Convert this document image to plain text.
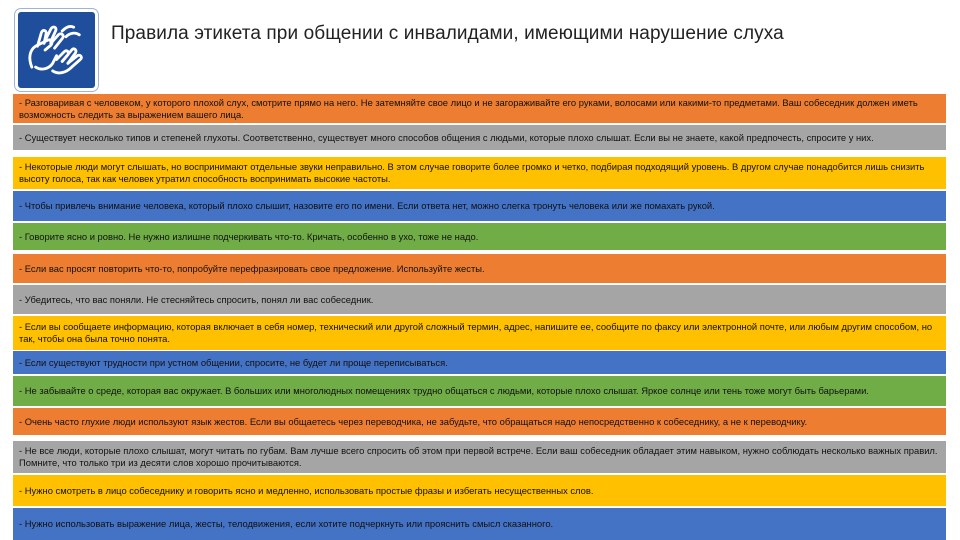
Правила этикета при общении с инвалидами, имеющими нарушение слуха
- Разговаривая с человеком, у которого плохой слух, смотрите прямо на него. Не затемняйте свое лицо и не загораживайте его руками, волосами или какими-то предметами. Ваш собеседник должен иметь возможность следить за выражением вашего лица.
- Существует несколько типов и степеней глухоты. Соответственно, существует много способов общения с людьми, которые плохо слышат. Если вы не знаете, какой предпочесть, спросите у них.
- Некоторые люди могут слышать, но воспринимают отдельные звуки неправильно. В этом случае говорите более громко и четко, подбирая подходящий уровень. В другом случае понадобится лишь снизить высоту голоса, так как человек утратил способность воспринимать высокие частоты.
- Чтобы привлечь внимание человека, который плохо слышит, назовите его по имени. Если ответа нет, можно слегка тронуть человека или же помахать рукой.
- Говорите ясно и ровно. Не нужно излишне подчеркивать что-то. Кричать, особенно в ухо, тоже не надо.
- Если вас просят повторить что-то, попробуйте перефразировать свое предложение. Используйте жесты.
- Убедитесь, что вас поняли. Не стесняйтесь спросить, понял ли вас собеседник.
- Если вы сообщаете информацию, которая включает в себя номер, технический или другой сложный термин, адрес, напишите ее, сообщите по факсу или электронной почте, или любым другим способом, но так, чтобы она была точно понята.
- Если существуют трудности при устном общении, спросите, не будет ли проще переписываться.
- Не забывайте о среде, которая вас окружает. В больших или многолюдных помещениях трудно общаться с людьми, которые плохо слышат. Яркое солнце или тень тоже могут быть барьерами.
- Очень часто глухие люди используют язык жестов. Если вы общаетесь через переводчика, не забудьте, что обращаться надо непосредственно к собеседнику, а не к переводчику.
- Не все люди, которые плохо слышат, могут читать по губам. Вам лучше всего спросить об этом при первой встрече. Если ваш собеседник обладает этим навыком, нужно соблюдать несколько важных правил. Помните, что только три из десяти слов хорошо прочитываются.
- Нужно смотреть в лицо собеседнику и говорить ясно и медленно, использовать простые фразы и избегать несущественных слов.
- Нужно использовать выражение лица, жесты, телодвижения, если хотите подчеркнуть или прояснить смысл сказанного.
